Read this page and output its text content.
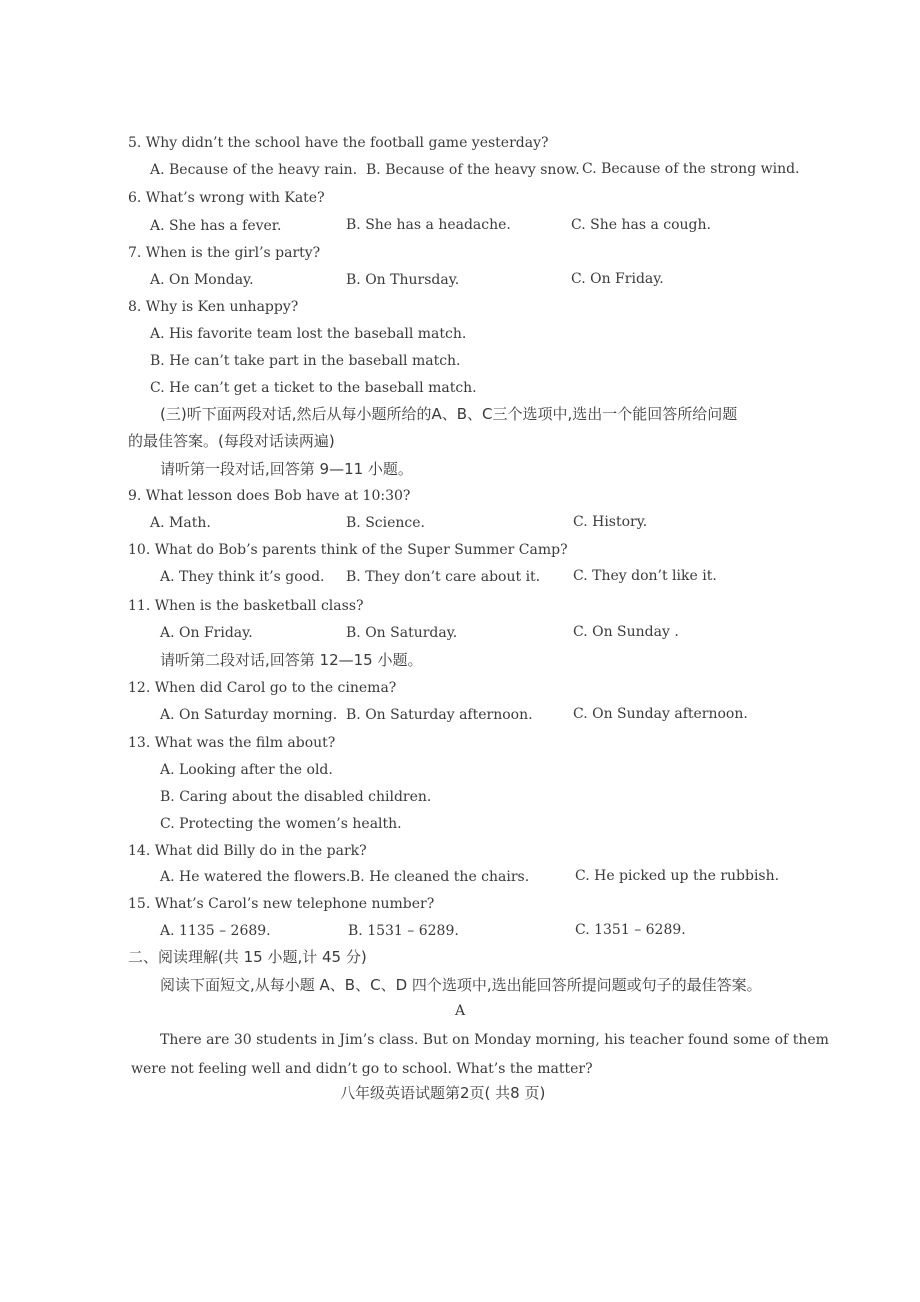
5. Why didn’t the school have the football game yesterday?
A. Because of the heavy rain. B. Because of the heavy snow. C. Because of the strong wind.
6. What’s wrong with Kate?
A. She has a fever.	B. She has a headache.	C. She has a cough.
7. When is the girl’s party?
A. On Monday.	B. On Thursday.	C. On Friday.
8. Why is Ken unhappy?
A. His favorite team lost the baseball match.
B. He can’t take part in the baseball match.
C. He can’t get a ticket to the baseball match.
(三)听下面两段对话,然后从每小题所给的A、B、C三个选项中,选出一个能回答所给问题
的最佳答案。(每段对话读两遍)
请听第一段对话,回答第 9—11 小题。
9. What lesson does Bob have at 10:30?
A. Math.	B. Science.	C. History.
10. What do Bob’s parents think of the Super Summer Camp?
A. They think it’s good. B. They don’t care about it. C. They don’t like it.
11. When is the basketball class?
A. On Friday.	B. On Saturday.	C. On Sunday .
请听第二段对话,回答第 12—15 小题。
12. When did Carol go to the cinema?
A. On Saturday morning. B. On Saturday afternoon.	C. On Sunday afternoon.
13. What was the film about?
A. Looking after the old.
B. Caring about the disabled children.
C. Protecting the women’s health.
14. What did Billy do in the park?
A. He watered the flowers. B. He cleaned the chairs.	C. He picked up the rubbish.
15. What’s Carol’s new telephone number?
A. 1135 – 2689.	B. 1531 – 6289.	C. 1351 – 6289.
二、阅读理解(共 15 小题,计 45 分)
阅读下面短文,从每小题 A、B、C、D 四个选项中,选出能回答所提问题或句子的最佳答案。
A
There are 30 students in Jim’s class. But on Monday morning, his teacher found some of them
were not feeling well and didn’t go to school. What’s the matter?
八年级英语试题第2页( 共8 页)
